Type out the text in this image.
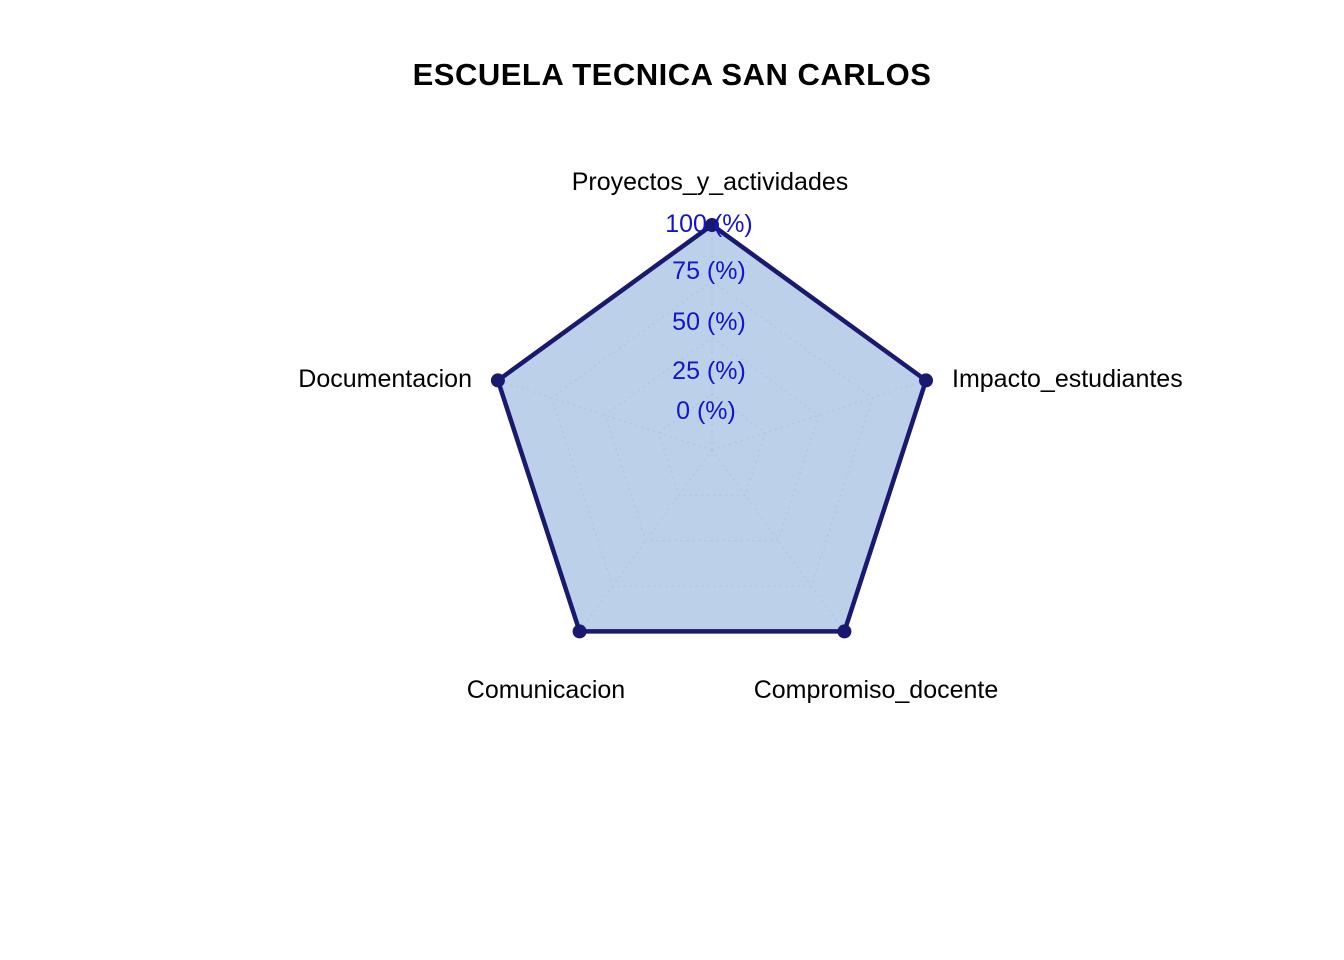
ESCUELA TECNICA SAN CARLOS
100 (%)
75 (%)
50 (%)
25 (%)
0 (%)
Proyectos_y_actividades
Impacto_estudiantes
Compromiso_docente
Comunicacion
Documentacion
